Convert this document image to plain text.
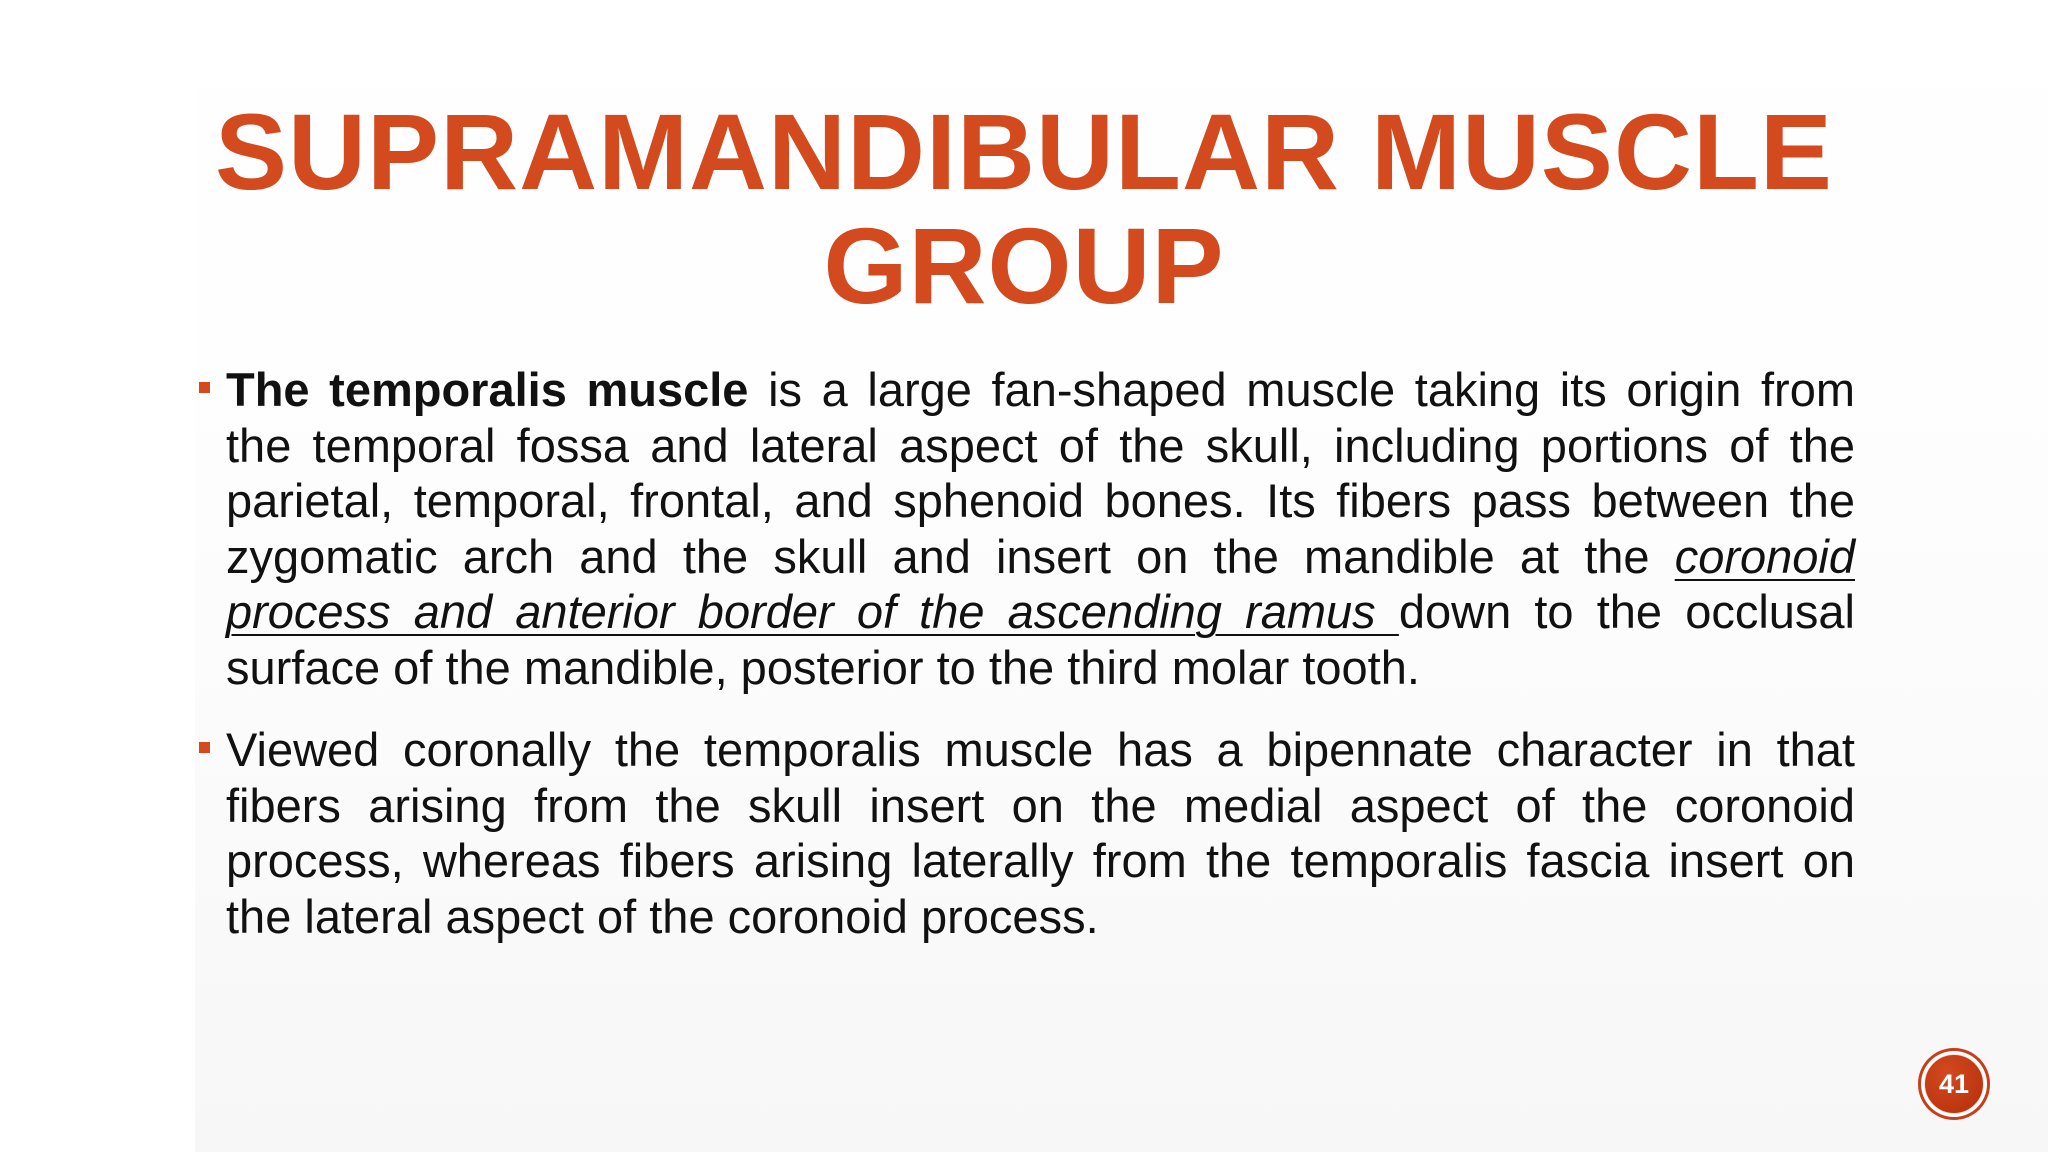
SUPRAMANDIBULAR MUSCLE
GROUP

The temporalis muscle is a large fan-shaped muscle taking its origin from the temporal fossa and lateral aspect of the skull, including portions of the parietal, temporal, frontal, and sphenoid bones. Its fibers pass between the zygomatic arch and the skull and insert on the mandible at the coronoid process and anterior border of the ascending ramus down to the occlusal surface of the mandible, posterior to the third molar tooth.

Viewed coronally the temporalis muscle has a bipennate character in that fibers arising from the skull insert on the medial aspect of the coronoid process, whereas fibers arising laterally from the temporalis fascia insert on the lateral aspect of the coronoid process.

41
